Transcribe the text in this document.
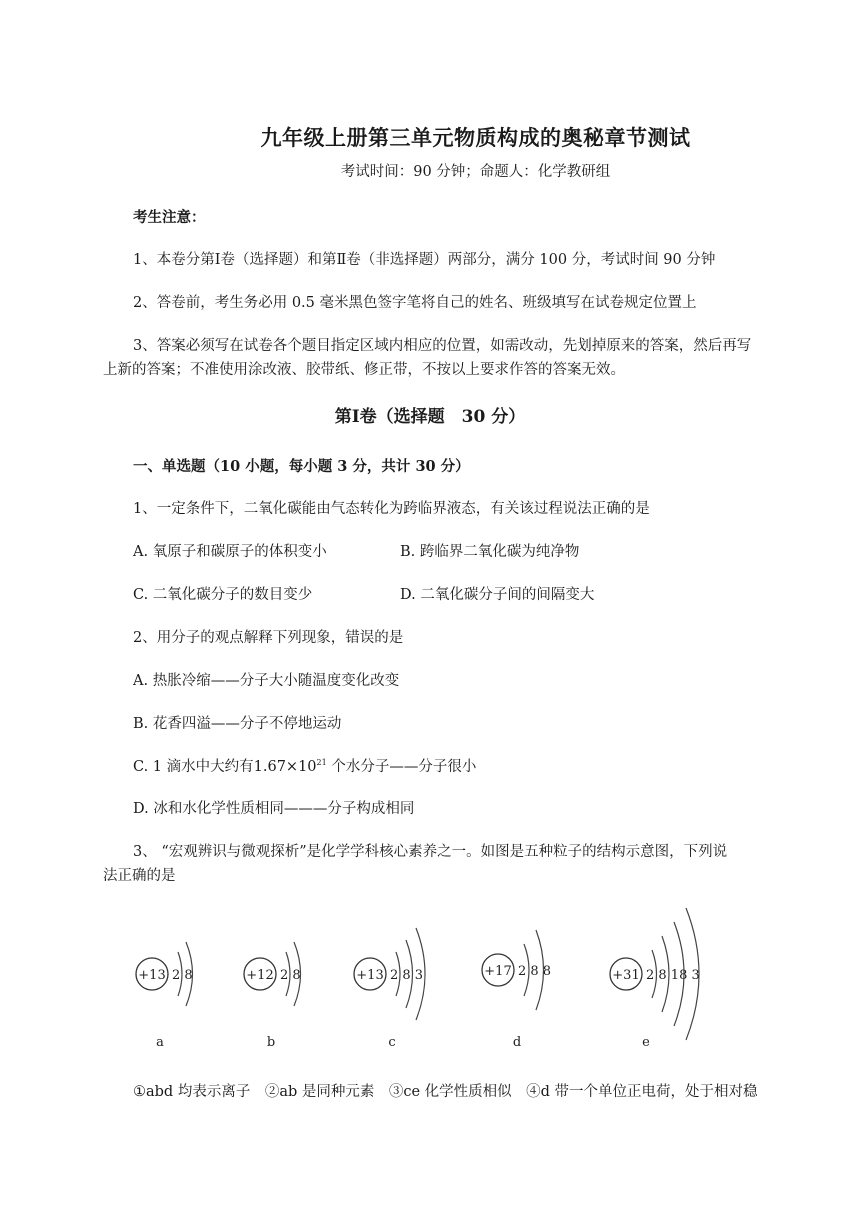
九年级上册第三单元物质构成的奥秘章节测试
考试时间：90 分钟；命题人：化学教研组
考生注意：
1、本卷分第Ⅰ卷（选择题）和第Ⅱ卷（非选择题）两部分，满分 100 分，考试时间 90 分钟
2、答卷前，考生务必用 0.5 毫米黑色签字笔将自己的姓名、班级填写在试卷规定位置上
3、答案必须写在试卷各个题目指定区域内相应的位置，如需改动，先划掉原来的答案，然后再写
上新的答案；不准使用涂改液、胶带纸、修正带，不按以上要求作答的答案无效。
第Ⅰ卷（选择题　30 分）
一、单选题（10 小题，每小题 3 分，共计 30 分）
1、一定条件下，二氧化碳能由气态转化为跨临界液态，有关该过程说法正确的是
A. 氧原子和碳原子的体积变小	B. 跨临界二氧化碳为纯净物
C. 二氧化碳分子的数目变少	D. 二氧化碳分子间的间隔变大
2、用分子的观点解释下列现象，错误的是
A. 热胀冷缩——分子大小随温度变化改变
B. 花香四溢——分子不停地运动
C. 1 滴水中大约有$1.67\times 10^{21}$ 个水分子——分子很小
D. 冰和水化学性质相同———分子构成相同
3、 “宏观辨识与微观探析”是化学学科核心素养之一。如图是五种粒子的结构示意图，下列说
法正确的是
+13 2 8
a
+12 2 8
b
+13 2 8 3
c
+17 2 8 8
d
+31 2 8 18 3
e
①abd 均表示离子　②ab 是同种元素　③ce 化学性质相似　④d 带一个单位正电荷，处于相对稳
